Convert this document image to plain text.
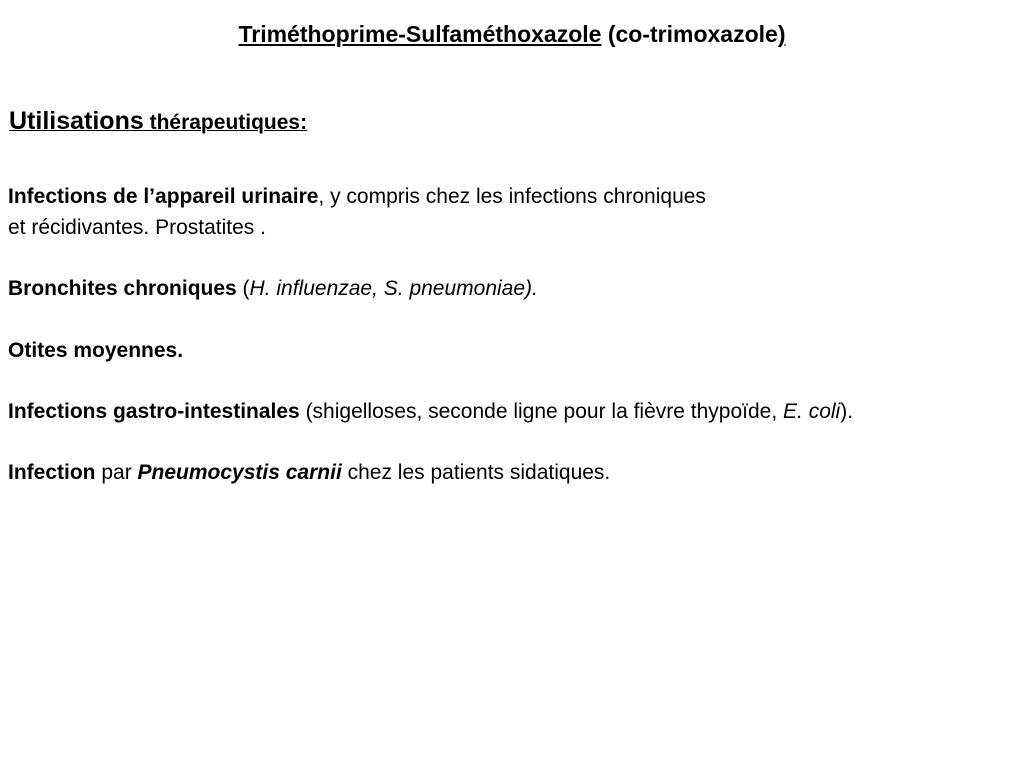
Triméthoprime-Sulfaméthoxazole (co-trimoxazole)
Utilisations thérapeutiques:
Infections de l’appareil urinaire, y compris chez les infections chroniques
et récidivantes. Prostatites .
Bronchites chroniques (H. influenzae, S. pneumoniae).
Otites moyennes.
Infections gastro-intestinales (shigelloses, seconde ligne pour la fièvre thypoïde, E. coli).
Infection par Pneumocystis carnii chez les patients sidatiques.
